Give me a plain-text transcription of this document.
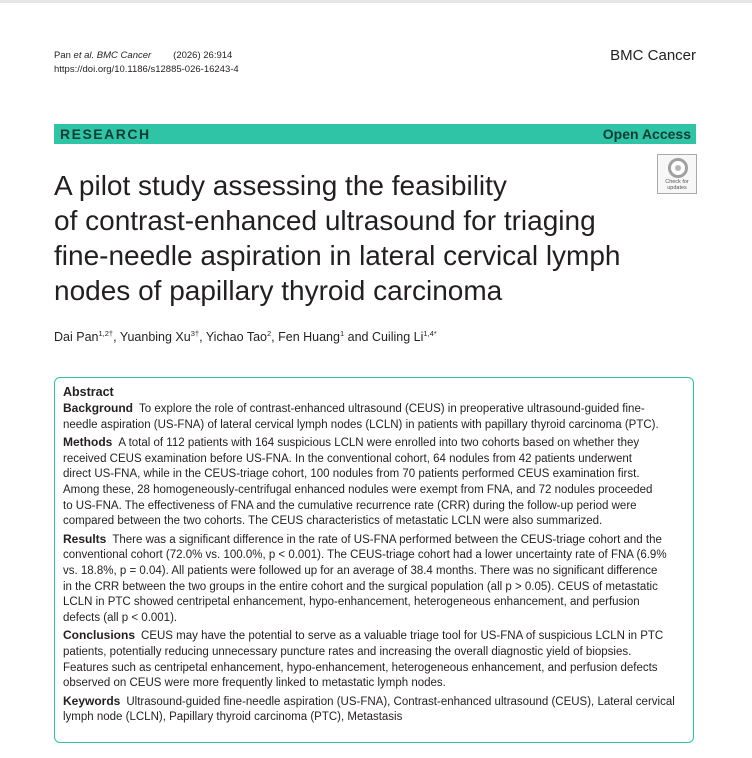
Pan et al. BMC Cancer (2026) 26:914
https://doi.org/10.1186/s12885-026-16243-4
BMC Cancer
RESEARCH	Open Access
Check for
updates
A pilot study assessing the feasibility
of contrast-enhanced ultrasound for triaging
fine-needle aspiration in lateral cervical lymph
nodes of papillary thyroid carcinoma
Dai Pan$^{1,2\dagger}$, Yuanbing $Xu^{3\dagger}$, Yichao Tao$^2$, Fen Huang$^1$ and Cuiling $Li^{1,4*}$
Abstract
Background To explore the role of contrast-enhanced ultrasound (CEUS) in preoperative ultrasound-guided fine-
needle aspiration (US-FNA) of lateral cervical lymph nodes (LCLN) in patients with papillary thyroid carcinoma (PTC).
Methods A total of 112 patients with 164 suspicious LCLN were enrolled into two cohorts based on whether they
received CEUS examination before US-FNA. In the conventional cohort, 64 nodules from 42 patients underwent
direct US-FNA, while in the CEUS-triage cohort, 100 nodules from 70 patients performed CEUS examination first.
Among these, 28 homogeneously-centrifugal enhanced nodules were exempt from FNA, and 72 nodules proceeded
to US-FNA. The effectiveness of FNA and the cumulative recurrence rate (CRR) during the follow-up period were
compared between the two cohorts. The CEUS characteristics of metastatic LCLN were also summarized.
Results There was a significant difference in the rate of US-FNA performed between the CEUS-triage cohort and the
conventional cohort (72.0% vs. 100.0%, p < 0.001). The CEUS-triage cohort had a lower uncertainty rate of FNA (6.9%
vs. 18.8%, p = 0.04). All patients were followed up for an average of 38.4 months. There was no significant difference
in the CRR between the two groups in the entire cohort and the surgical population (all p > 0.05). CEUS of metastatic
LCLN in PTC showed centripetal enhancement, hypo-enhancement, heterogeneous enhancement, and perfusion
defects (all p < 0.001).
Conclusions CEUS may have the potential to serve as a valuable triage tool for US-FNA of suspicious LCLN in PTC
patients, potentially reducing unnecessary puncture rates and increasing the overall diagnostic yield of biopsies.
Features such as centripetal enhancement, hypo-enhancement, heterogeneous enhancement, and perfusion defects
observed on CEUS were more frequently linked to metastatic lymph nodes.
Keywords Ultrasound-guided fine-needle aspiration (US-FNA), Contrast-enhanced ultrasound (CEUS), Lateral cervical
lymph node (LCLN), Papillary thyroid carcinoma (PTC), Metastasis
